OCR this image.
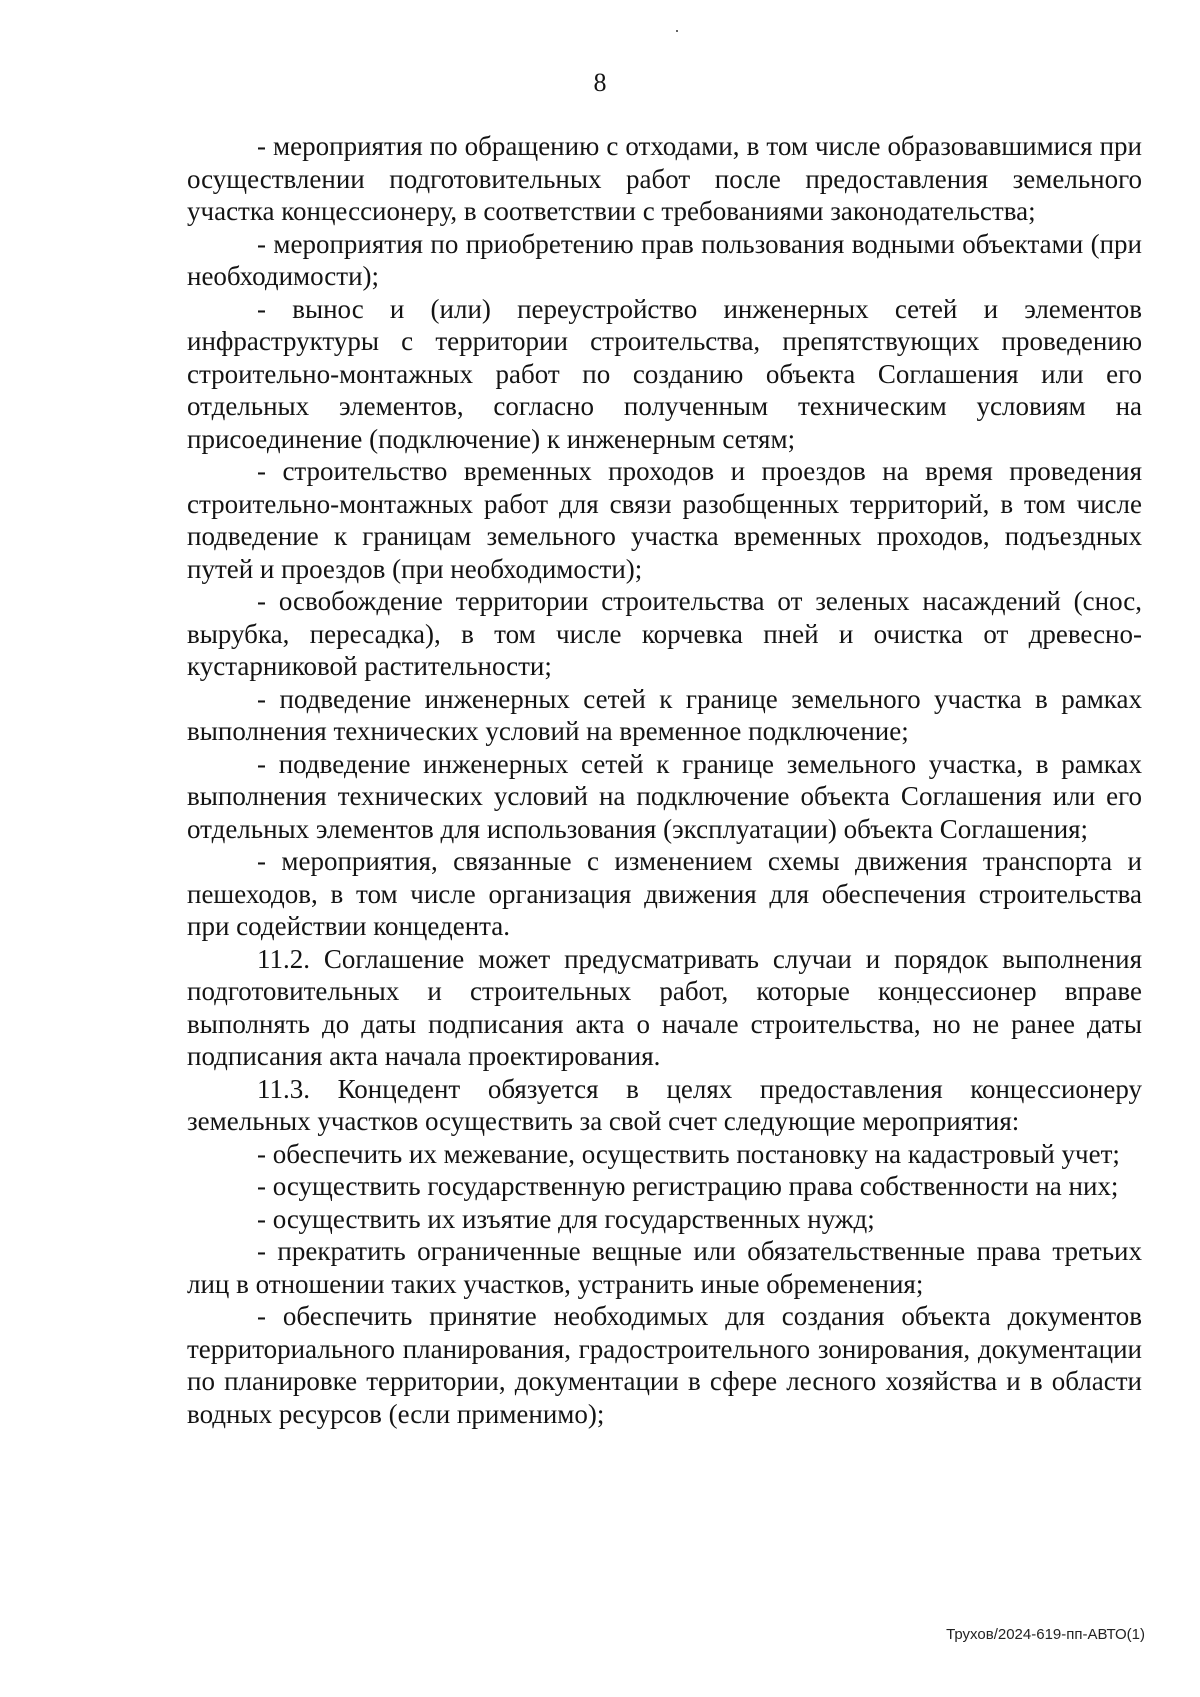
8

- мероприятия по обращению с отходами, в том числе образовавшимися при осуществлении подготовительных работ после предоставления земельного участка концессионеру, в соответствии с требованиями законодательства;

- мероприятия по приобретению прав пользования водными объектами (при необходимости);

- вынос и (или) переустройство инженерных сетей и элементов инфраструктуры с территории строительства, препятствующих проведению строительно-монтажных работ по созданию объекта Соглашения или его отдельных элементов, согласно полученным техническим условиям на присоединение (подключение) к инженерным сетям;

- строительство временных проходов и проездов на время проведения строительно-монтажных работ для связи разобщенных территорий, в том числе подведение к границам земельного участка временных проходов, подъездных путей и проездов (при необходимости);

- освобождение территории строительства от зеленых насаждений (снос, вырубка, пересадка), в том числе корчевка пней и очистка от древесно-кустарниковой растительности;

- подведение инженерных сетей к границе земельного участка в рамках выполнения технических условий на временное подключение;

- подведение инженерных сетей к границе земельного участка, в рамках выполнения технических условий на подключение объекта Соглашения или его отдельных элементов для использования (эксплуатации) объекта Соглашения;

- мероприятия, связанные с изменением схемы движения транспорта и пешеходов, в том числе организация движения для обеспечения строительства при содействии концедента.

11.2. Соглашение может предусматривать случаи и порядок выполнения подготовительных и строительных работ, которые концессионер вправе выполнять до даты подписания акта о начале строительства, но не ранее даты подписания акта начала проектирования.

11.3. Концедент обязуется в целях предоставления концессионеру земельных участков осуществить за свой счет следующие мероприятия:

- обеспечить их межевание, осуществить постановку на кадастровый учет;

- осуществить государственную регистрацию права собственности на них;

- осуществить их изъятие для государственных нужд;

- прекратить ограниченные вещные или обязательственные права третьих лиц в отношении таких участков, устранить иные обременения;

- обеспечить принятие необходимых для создания объекта документов территориального планирования, градостроительного зонирования, документации по планировке территории, документации в сфере лесного хозяйства и в области водных ресурсов (если применимо);

Трухов/2024-619-пп-АВТО(1)
